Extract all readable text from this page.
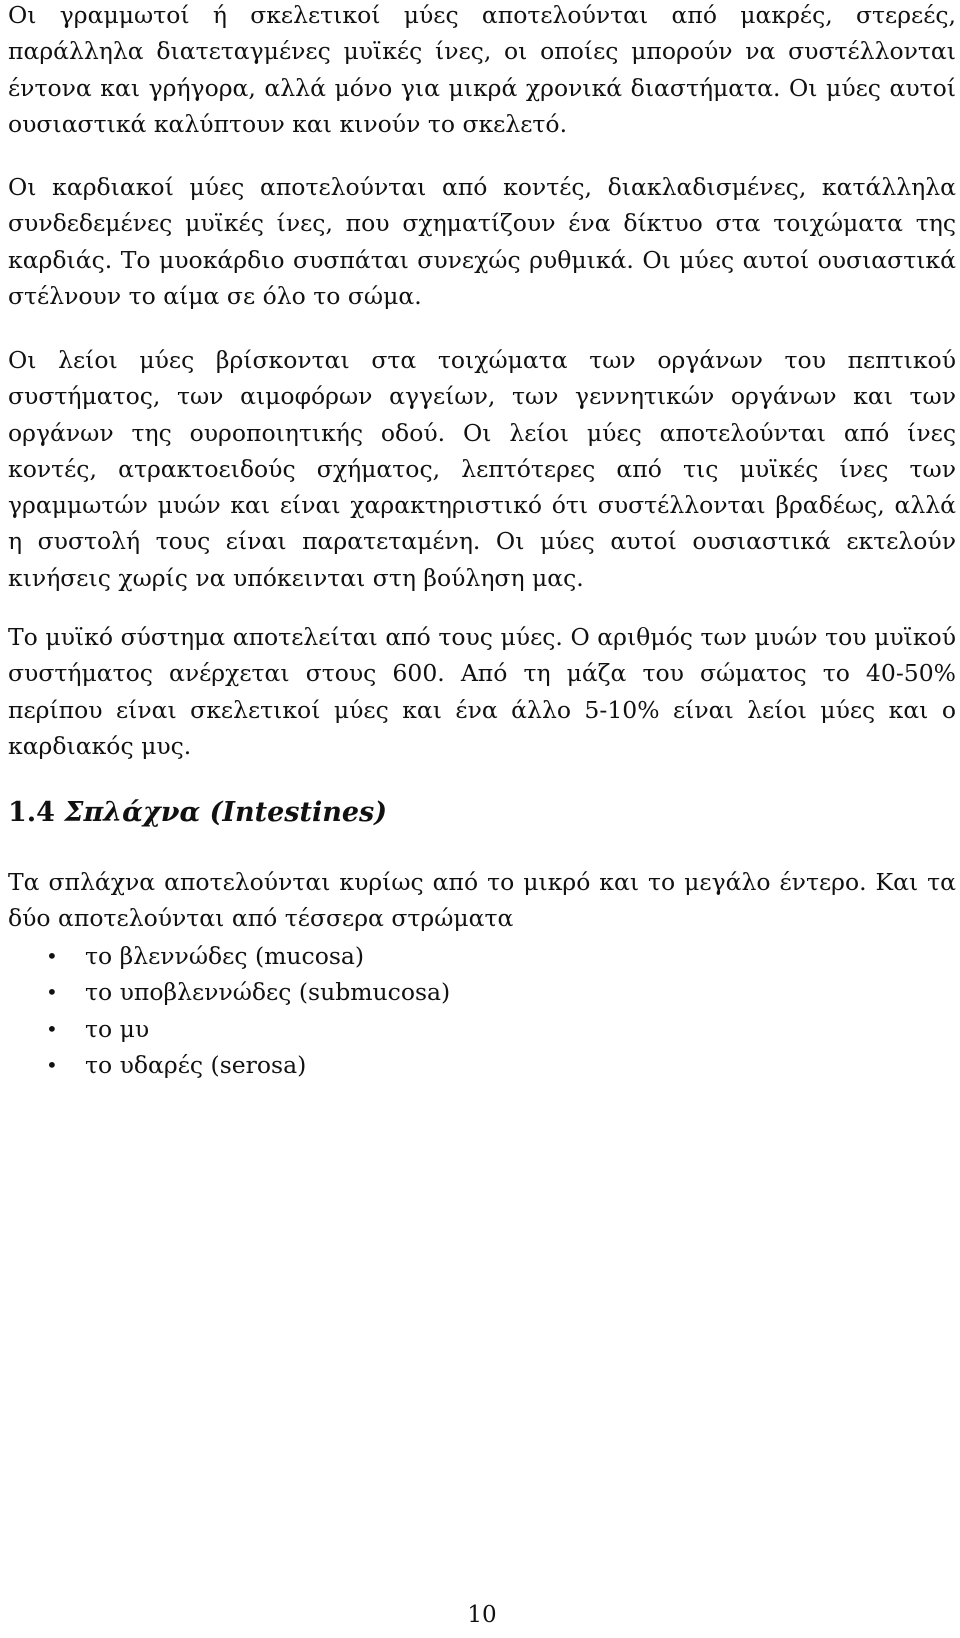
Οι γραμμωτοί ή σκελετικοί μύες αποτελούνται από μακρές, στερεές, παράλληλα διατεταγμένες μυϊκές ίνες, οι οποίες μπορούν να συστέλλονται έντονα και γρήγορα, αλλά μόνο για μικρά χρονικά διαστήματα. Οι μύες αυτοί ουσιαστικά καλύπτουν και κινούν το σκελετό.

Οι καρδιακοί μύες αποτελούνται από κοντές, διακλαδισμένες, κατάλληλα συνδεδεμένες μυϊκές ίνες, που σχηματίζουν ένα δίκτυο στα τοιχώματα της καρδιάς. Το μυοκάρδιο συσπάται συνεχώς ρυθμικά. Οι μύες αυτοί ουσιαστικά στέλνουν το αίμα σε όλο το σώμα.

Οι λείοι μύες βρίσκονται στα τοιχώματα των οργάνων του πεπτικού συστήματος, των αιμοφόρων αγγείων, των γεννητικών οργάνων και των οργάνων της ουροποιητικής οδού. Οι λείοι μύες αποτελούνται από ίνες κοντές, ατρακτοειδούς σχήματος, λεπτότερες από τις μυϊκές ίνες των γραμμωτών μυών και είναι χαρακτηριστικό ότι συστέλλονται βραδέως, αλλά η συστολή τους είναι παρατεταμένη. Οι μύες αυτοί ουσιαστικά εκτελούν κινήσεις χωρίς να υπόκεινται στη βούληση μας.

Το μυϊκό σύστημα αποτελείται από τους μύες. Ο αριθμός των μυών του μυϊκού συστήματος ανέρχεται στους 600. Από τη μάζα του σώματος το 40-50% περίπου είναι σκελετικοί μύες και ένα άλλο 5-10% είναι λείοι μύες και ο καρδιακός μυς.

1.4 Σπλάχνα (Intestines)

Τα σπλάχνα αποτελούνται κυρίως από το μικρό και το μεγάλο έντερο. Και τα δύο αποτελούνται από τέσσερα στρώματα

• το βλεννώδες (mucosa)
• το υποβλεννώδες (submucosa)
• το μυ
• το υδαρές (serosa)
10
